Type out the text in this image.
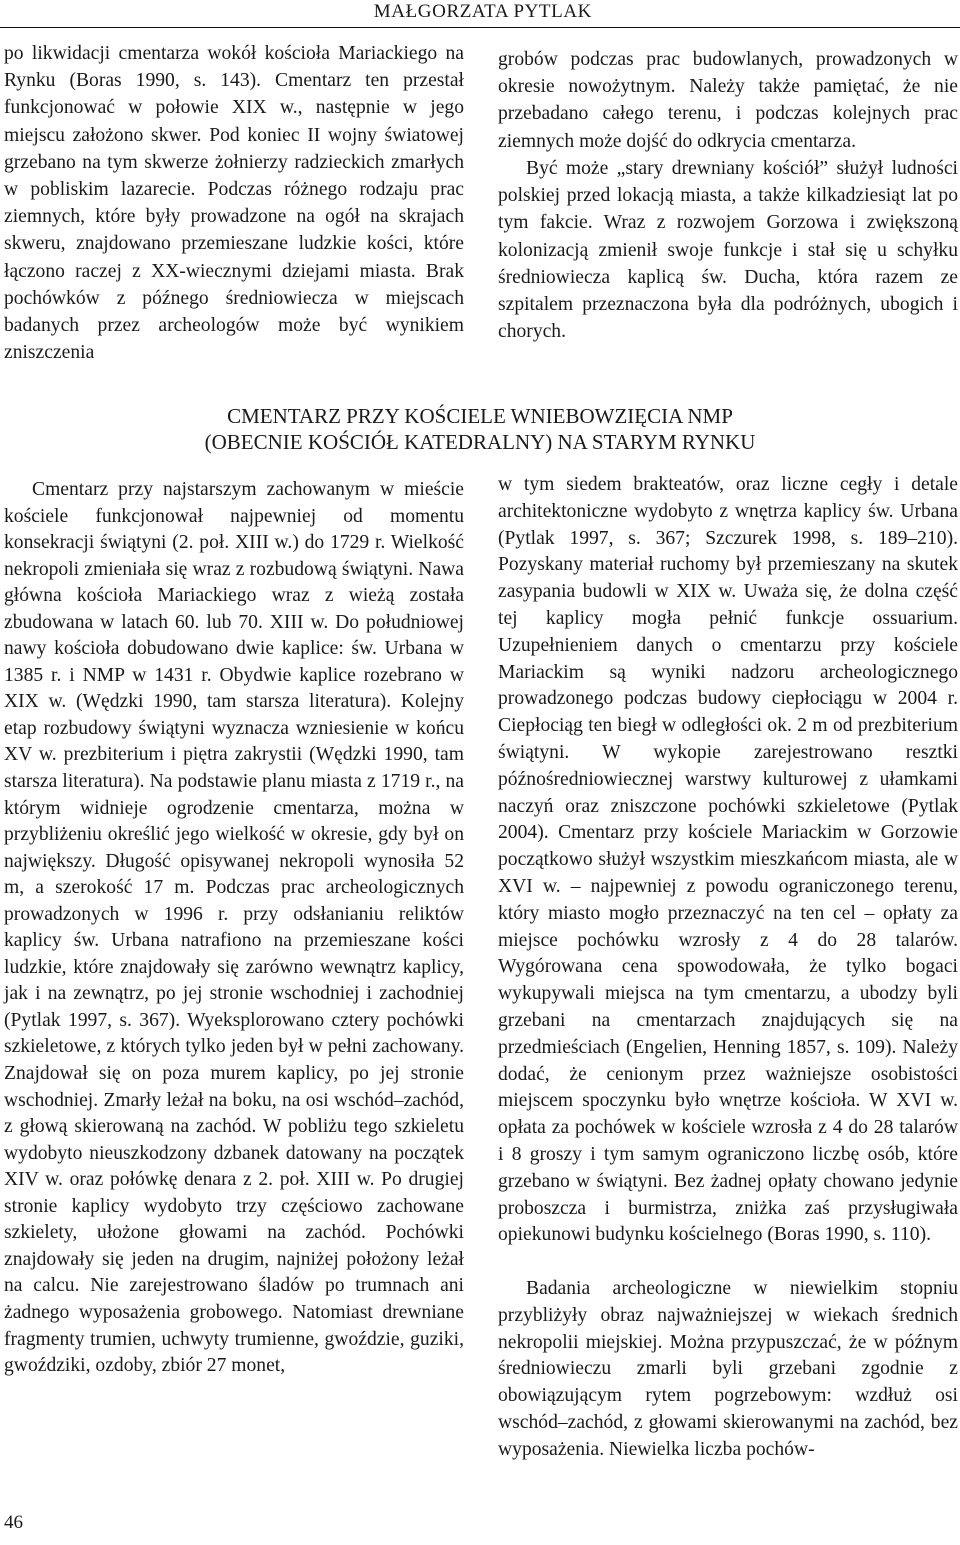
MAŁGORZATA PYTLAK

po likwidacji cmentarza wokół kościoła Mariackiego na Rynku (Boras 1990, s. 143). Cmentarz ten przestał funkcjonować w połowie XIX w., następnie w jego miejscu założono skwer. Pod koniec II wojny światowej grzebano na tym skwerze żołnierzy radzieckich zmarłych w pobliskim lazarecie. Podczas różnego rodzaju prac ziemnych, które były prowadzone na ogół na skrajach skweru, znajdowano przemieszane ludzkie kości, które łączono raczej z XX-wiecznymi dziejami miasta. Brak pochówków z późnego średniowiecza w miejscach badanych przez archeologów może być wynikiem zniszczenia

grobów podczas prac budowlanych, prowadzonych w okresie nowożytnym. Należy także pamiętać, że nie przebadano całego terenu, i podczas kolejnych prac ziemnych może dojść do odkrycia cmentarza.

Być może „stary drewniany kościół” służył ludności polskiej przed lokacją miasta, a także kilkadziesiąt lat po tym fakcie. Wraz z rozwojem Gorzowa i zwiększoną kolonizacją zmienił swoje funkcje i stał się u schyłku średniowiecza kaplicą św. Ducha, która razem ze szpitalem przeznaczona była dla podróżnych, ubogich i chorych.

CMENTARZ PRZY KOŚCIELE WNIEBOWZIĘCIA NMP
(OBECNIE KOŚCIÓŁ KATEDRALNY) NA STARYM RYNKU

Cmentarz przy najstarszym zachowanym w mieście kościele funkcjonował najpewniej od momentu konsekracji świątyni (2. poł. XIII w.) do 1729 r. Wielkość nekropoli zmieniała się wraz z rozbudową świątyni. Nawa główna kościoła Mariackiego wraz z wieżą została zbudowana w latach 60. lub 70. XIII w. Do południowej nawy kościoła dobudowano dwie kaplice: św. Urbana w 1385 r. i NMP w 1431 r. Obydwie kaplice rozebrano w XIX w. (Wędzki 1990, tam starsza literatura). Kolejny etap rozbudowy świątyni wyznacza wzniesienie w końcu XV w. prezbiterium i piętra zakrystii (Wędzki 1990, tam starsza literatura). Na podstawie planu miasta z 1719 r., na którym widnieje ogrodzenie cmentarza, można w przybliżeniu określić jego wielkość w okresie, gdy był on największy. Długość opisywanej nekropoli wynosiła 52 m, a szerokość 17 m. Podczas prac archeologicznych prowadzonych w 1996 r. przy odsłanianiu reliktów kaplicy św. Urbana natrafiono na przemieszane kości ludzkie, które znajdowały się zarówno wewnątrz kaplicy, jak i na zewnątrz, po jej stronie wschodniej i zachodniej (Pytlak 1997, s. 367). Wyeksplorowano cztery pochówki szkieletowe, z których tylko jeden był w pełni zachowany. Znajdował się on poza murem kaplicy, po jej stronie wschodniej. Zmarły leżał na boku, na osi wschód–zachód, z głową skierowaną na zachód. W pobliżu tego szkieletu wydobyto nieuszkodzony dzbanek datowany na początek XIV w. oraz połówkę denara z 2. poł. XIII w. Po drugiej stronie kaplicy wydobyto trzy częściowo zachowane szkielety, ułożone głowami na zachód. Pochówki znajdowały się jeden na drugim, najniżej położony leżał na calcu. Nie zarejestrowano śladów po trumnach ani żadnego wyposażenia grobowego. Natomiast drewniane fragmenty trumien, uchwyty trumienne, gwoździe, guziki, gwoździki, ozdoby, zbiór 27 monet,

w tym siedem brakteatów, oraz liczne cegły i detale architektoniczne wydobyto z wnętrza kaplicy św. Urbana (Pytlak 1997, s. 367; Szczurek 1998, s. 189–210). Pozyskany materiał ruchomy był przemieszany na skutek zasypania budowli w XIX w. Uważa się, że dolna część tej kaplicy mogła pełnić funkcje ossuarium. Uzupełnieniem danych o cmentarzu przy kościele Mariackim są wyniki nadzoru archeologicznego prowadzonego podczas budowy ciepłociągu w 2004 r. Ciepłociąg ten biegł w odległości ok. 2 m od prezbiterium świątyni. W wykopie zarejestrowano resztki późnośredniowiecznej warstwy kulturowej z ułamkami naczyń oraz zniszczone pochówki szkieletowe (Pytlak 2004). Cmentarz przy kościele Mariackim w Gorzowie początkowo służył wszystkim mieszkańcom miasta, ale w XVI w. – najpewniej z powodu ograniczonego terenu, który miasto mogło przeznaczyć na ten cel – opłaty za miejsce pochówku wzrosły z 4 do 28 talarów. Wygórowana cena spowodowała, że tylko bogaci wykupywali miejsca na tym cmentarzu, a ubodzy byli grzebani na cmentarzach znajdujących się na przedmieściach (Engelien, Henning 1857, s. 109). Należy dodać, że cenionym przez ważniejsze osobistości miejscem spoczynku było wnętrze kościoła. W XVI w. opłata za pochówek w kościele wzrosła z 4 do 28 talarów i 8 groszy i tym samym ograniczono liczbę osób, które grzebano w świątyni. Bez żadnej opłaty chowano jedynie proboszcza i burmistrza, zniżka zaś przysługiwała opiekunowi budynku kościelnego (Boras 1990, s. 110).

Badania archeologiczne w niewielkim stopniu przybliżyły obraz najważniejszej w wiekach średnich nekropolii miejskiej. Można przypuszczać, że w późnym średniowieczu zmarli byli grzebani zgodnie z obowiązującym rytem pogrzebowym: wzdłuż osi wschód–zachód, z głowami skierowanymi na zachód, bez wyposażenia. Niewielka liczba pochów-

46
